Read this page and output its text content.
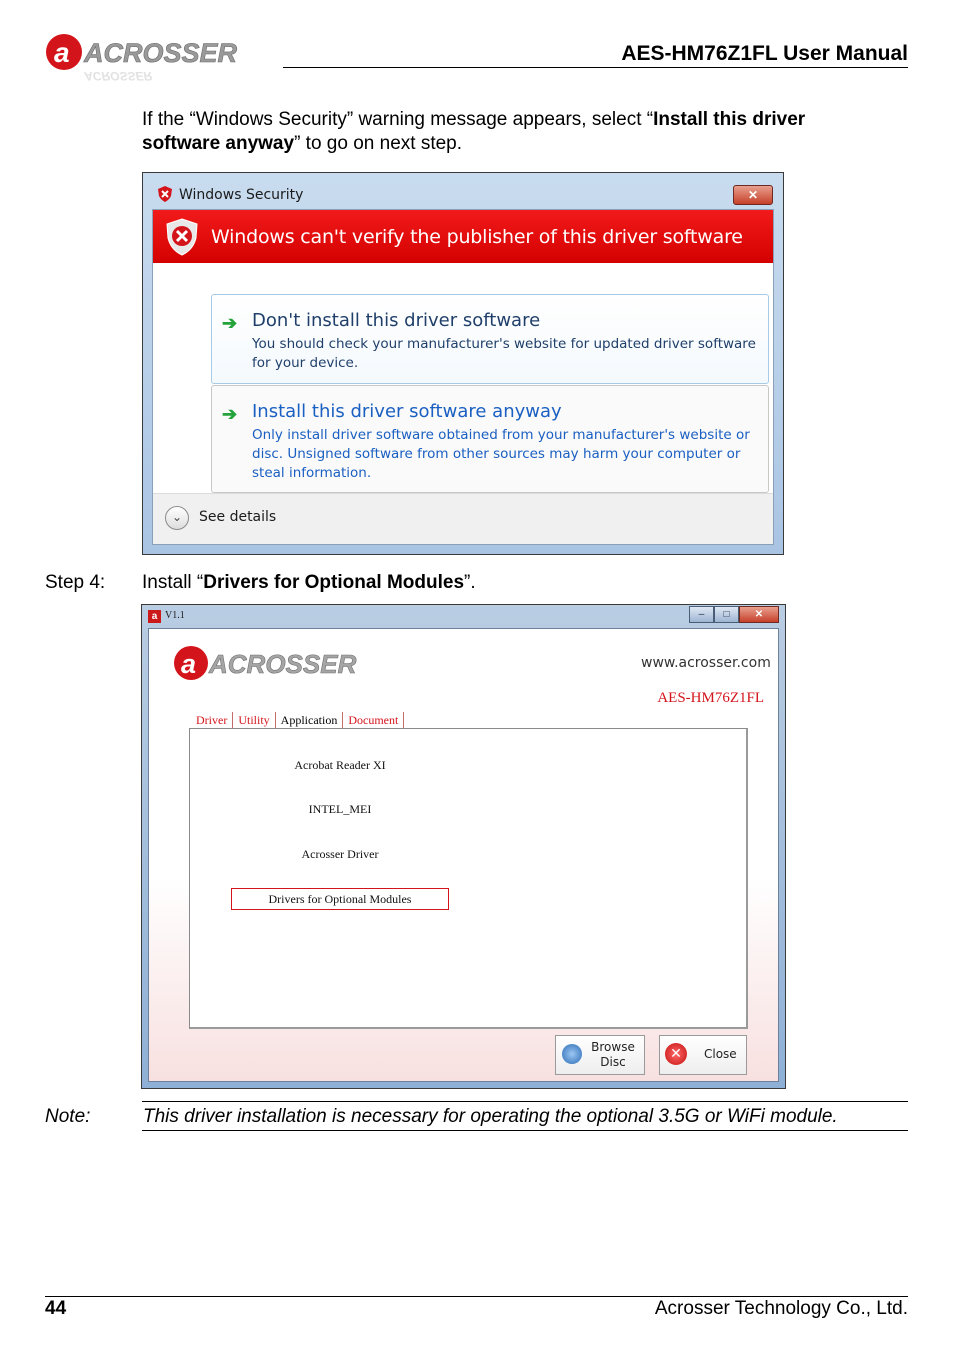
a ACROSSER
ACROSSER
AES-HM76Z1FL User Manual
If the “Windows Security” warning message appears, select “Install this driver software anyway” to go on next step.
Windows Security	✕
Windows can't verify the publisher of this driver software
➔ Don't install this driver software
You should check your manufacturer's website for updated driver software for your device.
➔ Install this driver software anyway
Only install driver software obtained from your manufacturer's website or disc. Unsigned software from other sources may harm your computer or steal information.
⌄	See details
Step 4: Install “Drivers for Optional Modules”.
a V1.1	–	□	✕
a ACROSSER	www.acrosser.com
AES-HM76Z1FL
Driver Utility Application Document
Acrobat Reader XI
INTEL_MEI
Acrosser Driver
Drivers for Optional Modules
Browse
Disc	✕	Close
Note:	This driver installation is necessary for operating the optional 3.5G or WiFi module.
44	Acrosser Technology Co., Ltd.
